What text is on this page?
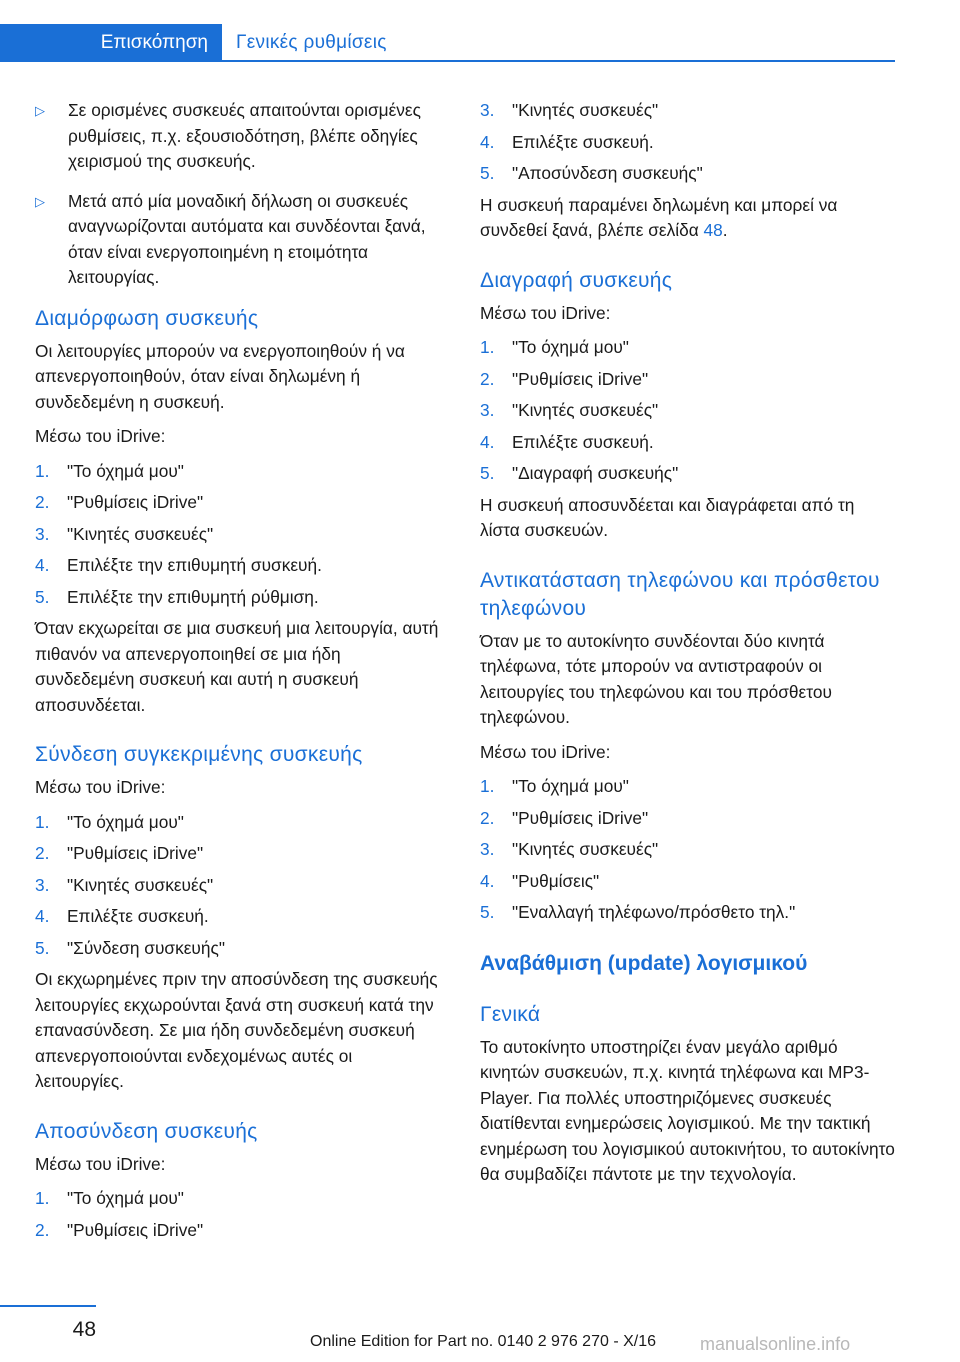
Επισκόπηση	Γενικές ρυθμίσεις
▷ Σε ορισμένες συσκευές απαιτούνται ορισμένες ρυθμίσεις, π.χ. εξουσιοδότηση, βλέπε οδηγίες χειρισμού της συσκευής.
▷ Μετά από μία μοναδική δήλωση οι συσκευές αναγνωρίζονται αυτόματα και συνδέονται ξανά, όταν είναι ενεργοποιημένη η ετοιμότητα λειτουργίας.
Διαμόρφωση συσκευής

Οι λειτουργίες μπορούν να ενεργοποιηθούν ή να απενεργοποιηθούν, όταν είναι δηλωμένη ή συνδεδεμένη η συσκευή.

Μέσω του iDrive:

1. "Το όχημά μου"
2. "Ρυθμίσεις iDrive"
3. "Κινητές συσκευές"
4. Επιλέξτε την επιθυμητή συσκευή.
5. Επιλέξτε την επιθυμητή ρύθμιση.

Όταν εκχωρείται σε μια συσκευή μια λειτουργία, αυτή πιθανόν να απενεργοποιηθεί σε μια ήδη συνδεδεμένη συσκευή και αυτή η συσκευή αποσυνδέεται.

Σύνδεση συγκεκριμένης συσκευής

Μέσω του iDrive:

1. "Το όχημά μου"
2. "Ρυθμίσεις iDrive"
3. "Κινητές συσκευές"
4. Επιλέξτε συσκευή.
5. "Σύνδεση συσκευής"

Οι εκχωρημένες πριν την αποσύνδεση της συσκευής λειτουργίες εκχωρούνται ξανά στη συσκευή κατά την επανασύνδεση. Σε μια ήδη συνδεδεμένη συσκευή απενεργοποιούνται ενδεχομένως αυτές οι λειτουργίες.

Αποσύνδεση συσκευής

Μέσω του iDrive:

1. "Το όχημά μου"
2. "Ρυθμίσεις iDrive"
3. "Κινητές συσκευές"
4. Επιλέξτε συσκευή.
5. "Αποσύνδεση συσκευής"

Η συσκευή παραμένει δηλωμένη και μπορεί να συνδεθεί ξανά, βλέπε σελίδα 48.

Διαγραφή συσκευής

Μέσω του iDrive:

1. "Το όχημά μου"
2. "Ρυθμίσεις iDrive"
3. "Κινητές συσκευές"
4. Επιλέξτε συσκευή.
5. "Διαγραφή συσκευής"

Η συσκευή αποσυνδέεται και διαγράφεται από τη λίστα συσκευών.

Αντικατάσταση τηλεφώνου και πρόσθετου τηλεφώνου

Όταν με το αυτοκίνητο συνδέονται δύο κινητά τηλέφωνα, τότε μπορούν να αντιστραφούν οι λειτουργίες του τηλεφώνου και του πρόσθετου τηλεφώνου.

Μέσω του iDrive:

1. "Το όχημά μου"
2. "Ρυθμίσεις iDrive"
3. "Κινητές συσκευές"
4. "Ρυθμίσεις"
5. "Εναλλαγή τηλέφωνο/πρόσθετο τηλ."
Αναβάθμιση (update) λογισμικού
Γενικά

Το αυτοκίνητο υποστηρίζει έναν μεγάλο αριθμό κινητών συσκευών, π.χ. κινητά τηλέφωνα και MP3-Player. Για πολλές υποστηριζόμενες συσκευές διατίθενται ενημερώσεις λογισμικού. Με την τακτική ενημέρωση του λογισμικού αυτοκινήτου, το αυτοκίνητο θα συμβαδίζει πάντοτε με την τεχνολογία.

48
Online Edition for Part no. 0140 2 976 270 - X/16 manualsonline.info
